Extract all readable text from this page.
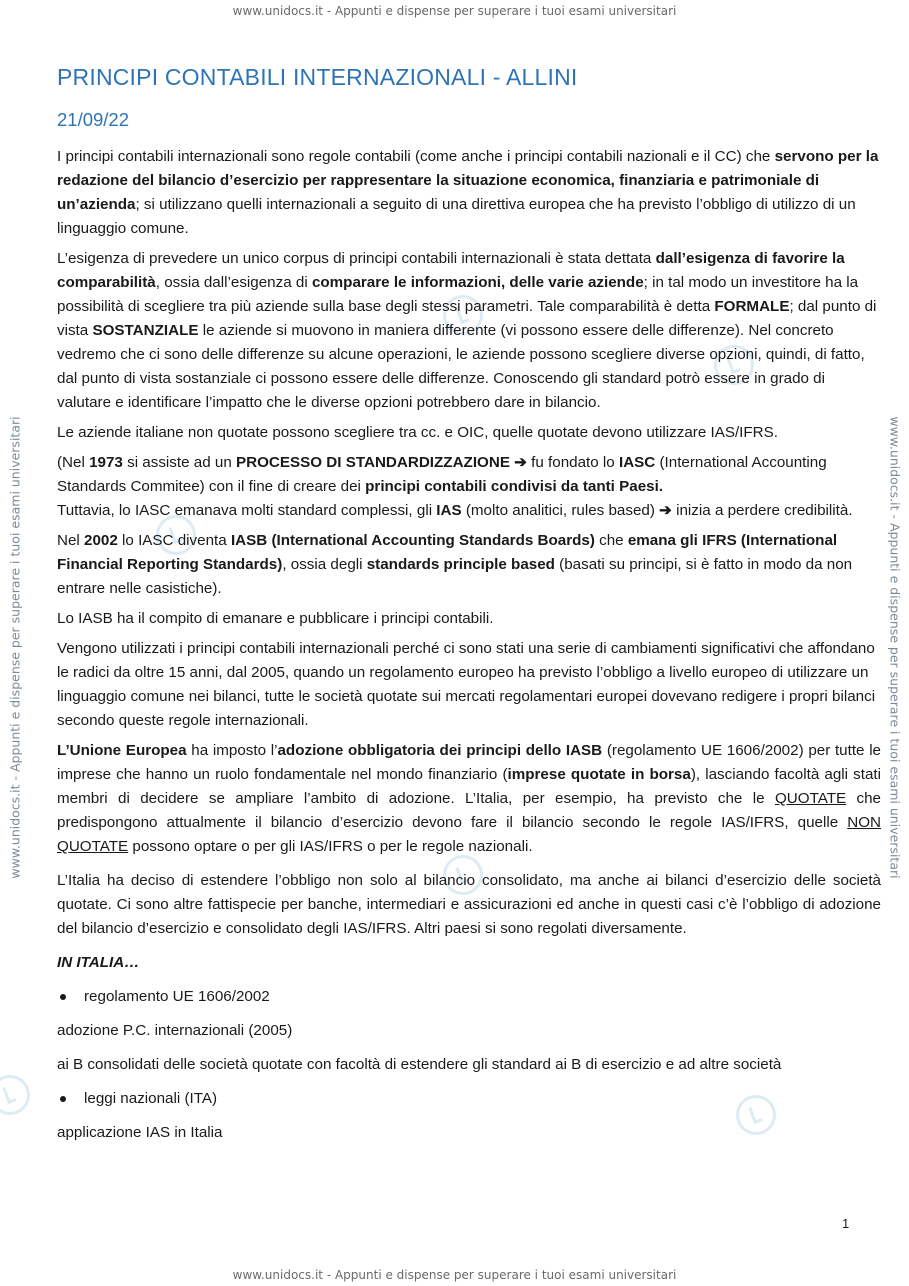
www.unidocs.it - Appunti e dispense per superare i tuoi esami universitari
www.unidocs.it - Appunti e dispense per superare i tuoi esami universitari
www.unidocs.it - Appunti e dispense per superare i tuoi esami universitari	www.unidocs.it - Appunti e dispense per superare i tuoi esami universitari
PRINCIPI CONTABILI INTERNAZIONALI - ALLINI
21/09/22

I principi contabili internazionali sono regole contabili (come anche i principi contabili nazionali e il CC) che servono per la redazione del bilancio d’esercizio per rappresentare la situazione economica, finanziaria e patrimoniale di un’azienda; si utilizzano quelli internazionali a seguito di una direttiva europea che ha previsto l’obbligo di utilizzo di un linguaggio comune.

L’esigenza di prevedere un unico corpus di principi contabili internazionali è stata dettata dall’esigenza di favorire la comparabilità, ossia dall’esigenza di comparare le informazioni, delle varie aziende; in tal modo un investitore ha la possibilità di scegliere tra più aziende sulla base degli stessi parametri. Tale comparabilità è detta FORMALE; dal punto di vista SOSTANZIALE le aziende si muovono in maniera differente (vi possono essere delle differenze). Nel concreto vedremo che ci sono delle differenze su alcune operazioni, le aziende possono scegliere diverse opzioni, quindi, di fatto, dal punto di vista sostanziale ci possono essere delle differenze. Conoscendo gli standard potrò essere in grado di valutare e identificare l’impatto che le diverse opzioni potrebbero dare in bilancio.

Le aziende italiane non quotate possono scegliere tra cc. e OIC, quelle quotate devono utilizzare IAS/IFRS.

(Nel 1973 si assiste ad un PROCESSO DI STANDARDIZZAZIONE ➔ fu fondato lo IASC (International Accounting Standards Commitee) con il fine di creare dei principi contabili condivisi da tanti Paesi.

Tuttavia, lo IASC emanava molti standard complessi, gli IAS (molto analitici, rules based) ➔ inizia a perdere credibilità.

Nel 2002 lo IASC diventa IASB (International Accounting Standards Boards) che emana gli IFRS (International Financial Reporting Standards), ossia degli standards principle based (basati su principi, si è fatto in modo da non entrare nelle casistiche).

Lo IASB ha il compito di emanare e pubblicare i principi contabili.

Vengono utilizzati i principi contabili internazionali perché ci sono stati una serie di cambiamenti significativi che affondano le radici da oltre 15 anni, dal 2005, quando un regolamento europeo ha previsto l’obbligo a livello europeo di utilizzare un linguaggio comune nei bilanci, tutte le società quotate sui mercati regolamentari europei dovevano redigere i propri bilanci secondo queste regole internazionali.

L’Unione Europea ha imposto l’adozione obbligatoria dei principi dello IASB (regolamento UE 1606/2002) per tutte le imprese che hanno un ruolo fondamentale nel mondo finanziario (imprese quotate in borsa), lasciando facoltà agli stati membri di decidere se ampliare l’ambito di adozione. L’Italia, per esempio, ha previsto che le QUOTATE che predispongono attualmente il bilancio d’esercizio devono fare il bilancio secondo le regole IAS/IFRS, quelle NON QUOTATE possono optare o per gli IAS/IFRS o per le regole nazionali.

L’Italia ha deciso di estendere l’obbligo non solo al bilancio consolidato, ma anche ai bilanci d’esercizio delle società quotate. Ci sono altre fattispecie per banche, intermediari e assicurazioni ed anche in questi casi c’è l’obbligo di adozione del bilancio d’esercizio e consolidato degli IAS/IFRS. Altri paesi si sono regolati diversamente.

IN ITALIA…

regolamento UE 1606/2002

adozione P.C. internazionali (2005)

ai B consolidati delle società quotate con facoltà di estendere gli standard ai B di esercizio e ad altre società

leggi nazionali (ITA)

applicazione IAS in Italia

1
